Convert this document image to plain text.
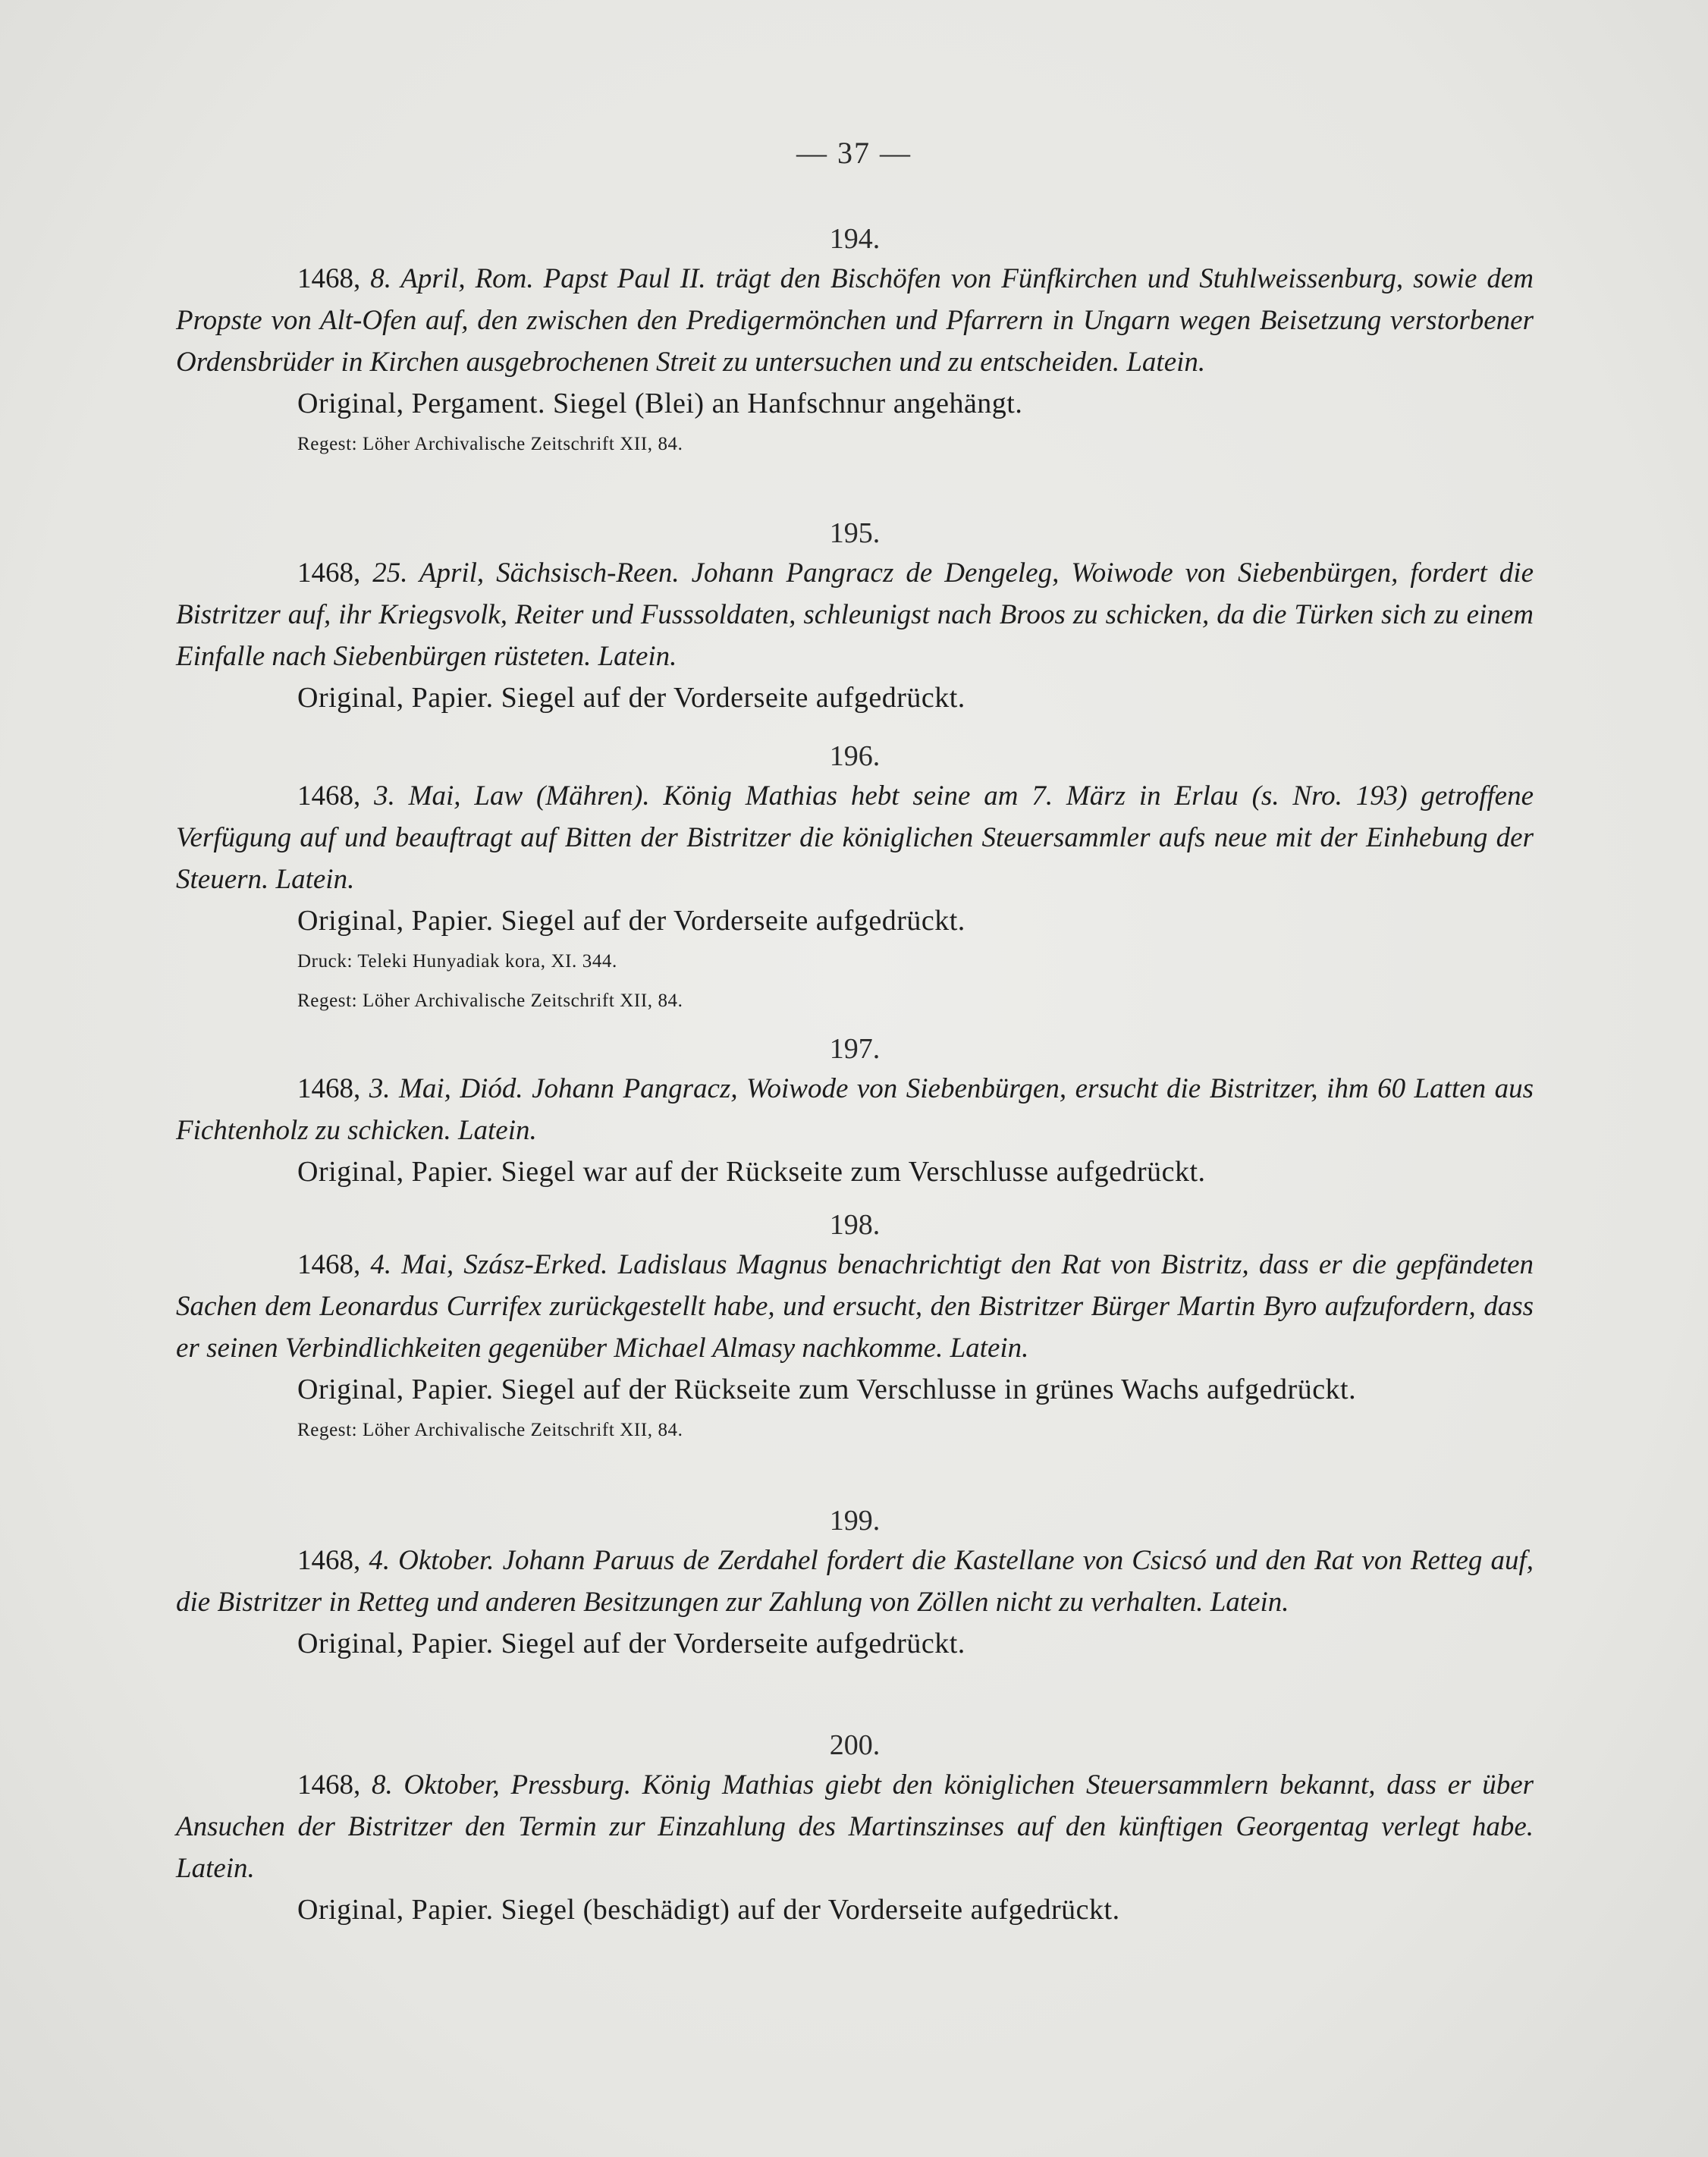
— 37 —
194.

1468, 8. April, Rom. Papst Paul II. trägt den Bischöfen von Fünfkirchen und Stuhlweissenburg, sowie dem Propste von Alt-Ofen auf, den zwischen den Predigermönchen und Pfarrern in Ungarn wegen Beisetzung verstorbener Ordensbrüder in Kirchen ausgebrochenen Streit zu untersuchen und zu entscheiden. Latein.

Original, Pergament. Siegel (Blei) an Hanfschnur angehängt.

Regest: Löher Archivalische Zeitschrift XII, 84.

195.

1468, 25. April, Sächsisch-Reen. Johann Pangracz de Dengeleg, Woiwode von Siebenbürgen, fordert die Bistritzer auf, ihr Kriegsvolk, Reiter und Fusssoldaten, schleunigst nach Broos zu schicken, da die Türken sich zu einem Einfalle nach Siebenbürgen rüsteten. Latein.

Original, Papier. Siegel auf der Vorderseite aufgedrückt.

196.

1468, 3. Mai, Law (Mähren). König Mathias hebt seine am 7. März in Erlau (s. Nro. 193) getroffene Verfügung auf und beauftragt auf Bitten der Bistritzer die königlichen Steuersammler aufs neue mit der Einhebung der Steuern. Latein.

Original, Papier. Siegel auf der Vorderseite aufgedrückt.

Druck: Teleki Hunyadiak kora, XI. 344.

Regest: Löher Archivalische Zeitschrift XII, 84.

197.

1468, 3. Mai, Diód. Johann Pangracz, Woiwode von Siebenbürgen, ersucht die Bistritzer, ihm 60 Latten aus Fichtenholz zu schicken. Latein.

Original, Papier. Siegel war auf der Rückseite zum Verschlusse aufgedrückt.

198.

1468, 4. Mai, Szász-Erked. Ladislaus Magnus benachrichtigt den Rat von Bistritz, dass er die gepfändeten Sachen dem Leonardus Currifex zurückgestellt habe, und ersucht, den Bistritzer Bürger Martin Byro aufzufordern, dass er seinen Verbindlichkeiten gegenüber Michael Almasy nachkomme. Latein.

Original, Papier. Siegel auf der Rückseite zum Verschlusse in grünes Wachs aufgedrückt.

Regest: Löher Archivalische Zeitschrift XII, 84.

199.

1468, 4. Oktober. Johann Paruus de Zerdahel fordert die Kastellane von Csicsó und den Rat von Retteg auf, die Bistritzer in Retteg und anderen Besitzungen zur Zahlung von Zöllen nicht zu verhalten. Latein.

Original, Papier. Siegel auf der Vorderseite aufgedrückt.

200.

1468, 8. Oktober, Pressburg. König Mathias giebt den königlichen Steuersammlern bekannt, dass er über Ansuchen der Bistritzer den Termin zur Einzahlung des Martinszinses auf den künftigen Georgentag verlegt habe. Latein.

Original, Papier. Siegel (beschädigt) auf der Vorderseite aufgedrückt.
